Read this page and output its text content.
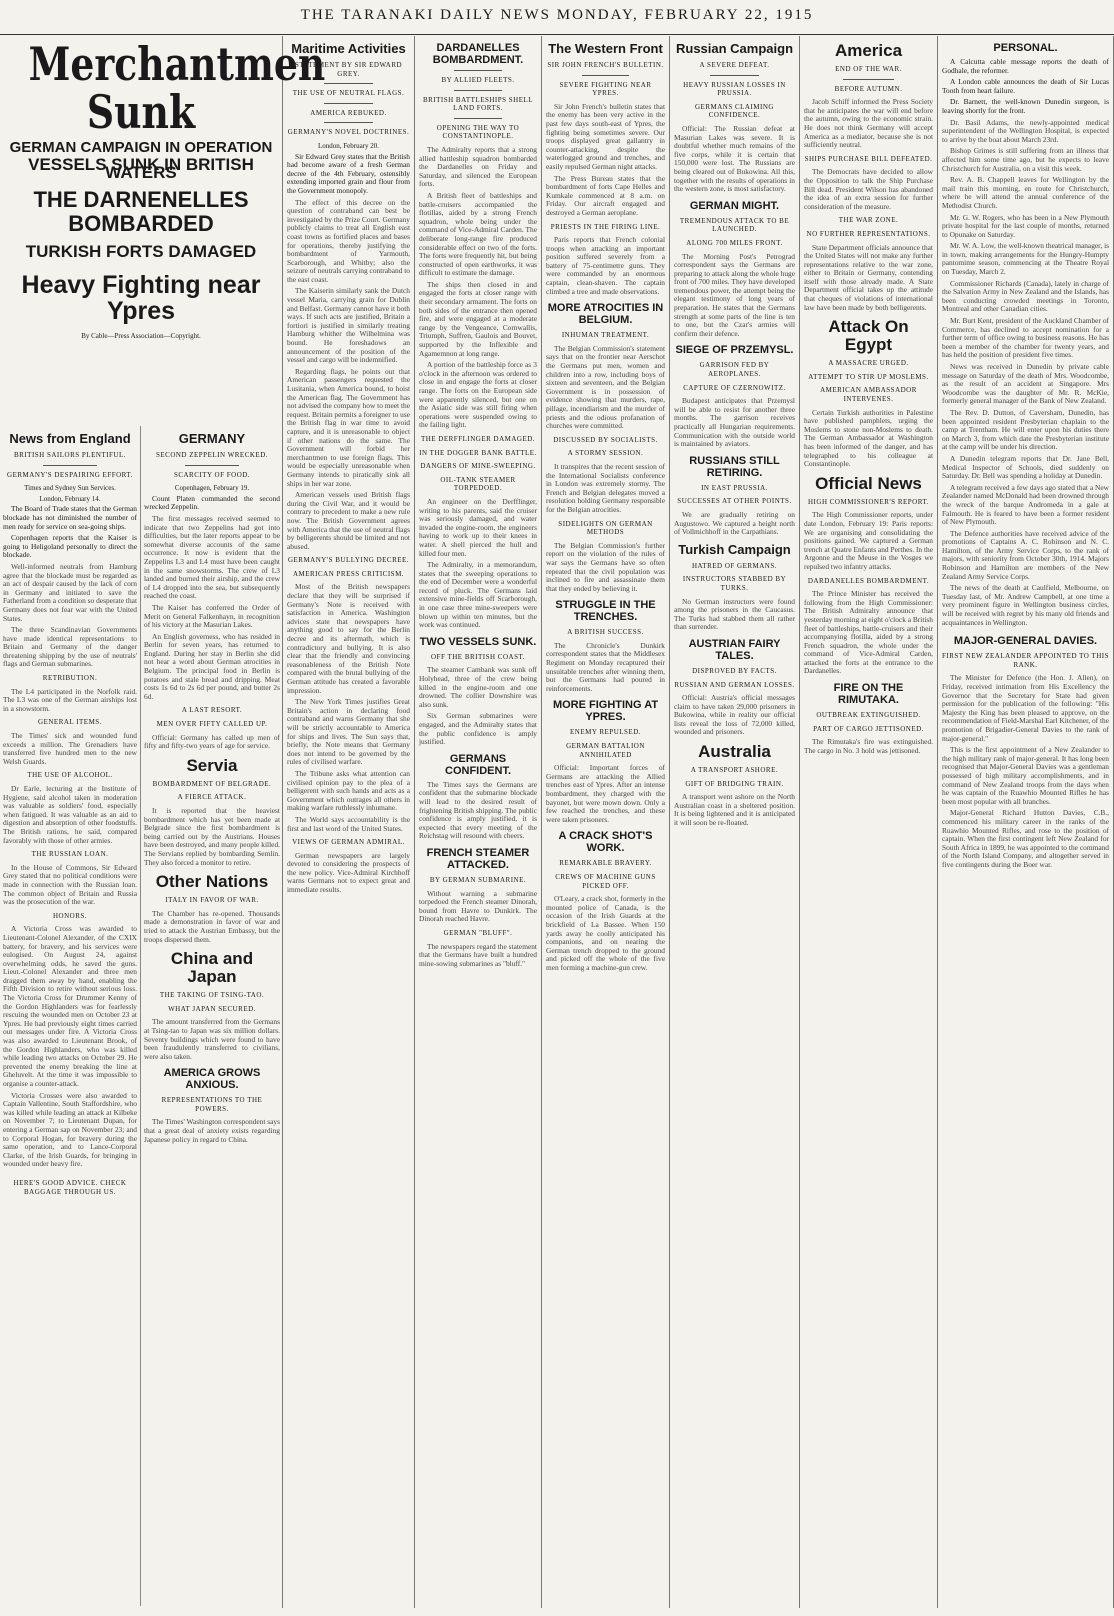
THE TARANAKI DAILY NEWS MONDAY, FEBRUARY 22, 1915
Merchantmen Sunk
GERMAN CAMPAIGN IN OPERATION
VESSELS SUNK IN BRITISH WATERS
THE DARNENELLES BOMBARDED
TURKISH FORTS DAMAGED
Heavy Fighting near Ypres
By Cable—Press Association—Copyright.
News from England
BRITISH SAILORS PLENTIFUL.
GERMANY'S DESPAIRING EFFORT.
Times and Sydney Sun Services.
London, February 14.

The Board of Trade states that the German blockade has not diminished the number of men ready for service on sea-going ships.

Copenhagen reports that the Kaiser is going to Heligoland personally to direct the blockade.

Well-informed neutrals from Hamburg agree that the blockade must be regarded as an act of despair caused by the lack of corn in Germany and initiated to save the Fatherland from a condition so desperate that Germany does not fear war with the United States.

The three Scandinavian Governments have made identical representations to Britain and Germany of the danger threatening shipping by the use of neutrals' flags and German submarines.

RETRIBUTION.

The L4 participated in the Norfolk raid. The L3 was one of the German airships lost in a snowstorm.

GENERAL ITEMS.

The Times' sick and wounded fund exceeds a million. The Grenadiers have transferred five hundred men to the new Welsh Guards.

THE USE OF ALCOHOL.

Dr Earle, lecturing at the Institute of Hygiene, said alcohol taken in moderation was valuable as soldiers' food, especially when fatigued. It was valuable as an aid to digestion and absorption of other foodstuffs. The British rations, he said, compared favorably with those of other armies.

THE RUSSIAN LOAN.

In the House of Commons, Sir Edward Grey stated that no political conditions were made in connection with the Russian loan. The common object of Britain and Russia was the prosecution of the war.

HONORS.

A Victoria Cross was awarded to Lieutenant-Colonel Alexander, of the CXIX battery, for bravery, and his services were eulogised. On August 24, against overwhelming odds, he saved the guns. Lieut.-Colonel Alexander and three men dragged them away by hand, enabling the Fifth Division to retire without serious loss. The Victoria Cross for Drummer Kenny of the Gordon Highlanders was for fearlessly rescuing the wounded men on October 23 at Ypres. He had previously eight times carried out messages under fire. A Victoria Cross was also awarded to Lieutenant Brook, of the Gordon Highlanders, who was killed while leading two attacks on October 29. He prevented the enemy breaking the line at Gheluvelt. At the time it was impossible to organise a counter-attack.

Victoria Crosses were also awarded to Captain Vallentine, South Staffordshire, who was killed while leading an attack at Kilbeke on November 7; to Lieutenant Dupan, for entering a German sap on November 23; and to Corporal Hogan, for bravery during the same operation, and to Lance-Corporal Clarke, of the Irish Guards, for bringing in wounded under heavy fire.

HERE'S GOOD ADVICE. CHECK BAGGAGE THROUGH US.
GERMANY
SECOND ZEPPELIN WRECKED.
SCARCITY OF FOOD.
Copenhagen, February 19.

Count Platen commanded the second wrecked Zeppelin.

The first messages received seemed to indicate that two Zeppelins had got into difficulties, but the later reports appear to be somewhat diverse accounts of the same occurrence. It now is evident that the Zeppelins L3 and L4 must have been caught in the same snowstorms. The crew of L3 landed and burned their airship, and the crew of L4 dropped into the sea, but subsequently reached the coast.

The Kaiser has conferred the Order of Merit on General Falkenhayn, in recognition of his victory at the Masurian Lakes.

An English governess, who has resided in Berlin for seven years, has returned to England. During her stay in Berlin she did not hear a word about German atrocities in Belgium. The principal food in Berlin is potatoes and stale bread and dripping. Meat costs 1s 6d to 2s 6d per pound, and butter 2s 6d.

A LAST RESORT.
MEN OVER FIFTY CALLED UP.

Official: Germany has called up men of fifty and fifty-two years of age for service.

Servia
BOMBARDMENT OF BELGRADE.
A FIERCE ATTACK.

It is reported that the heaviest bombardment which has yet been made at Belgrade since the first bombardment is being carried out by the Austrians. Houses have been destroyed, and many people killed. The Servians replied by bombarding Semlin. They also forced a monitor to retire.

Other Nations
ITALY IN FAVOR OF WAR.

The Chamber has re-opened. Thousands made a demonstration in favor of war and tried to attack the Austrian Embassy, but the troops dispersed them.

China and Japan
THE TAKING OF TSING-TAO.
WHAT JAPAN SECURED.

The amount transferred from the Germans at Tsing-tao to Japan was six million dollars. Seventy buildings which were found to have been fraudulently transferred to civilians, were also taken.

AMERICA GROWS ANXIOUS.
REPRESENTATIONS TO THE POWERS.

The Times' Washington correspondent says that a great deal of anxiety exists regarding Japanese policy in regard to China.

Maritime Activities
STATEMENT BY SIR EDWARD GREY.
THE USE OF NEUTRAL FLAGS.
AMERICA REBUKED.
GERMANY'S NOVEL DOCTRINES.
London, February 20.

Sir Edward Grey states that the British had become aware of a fresh German decree of the 4th February, ostensibly extending imported grain and flour from the Government monopoly.

The effect of this decree on the question of contraband can best be investigated by the Prize Court. Germany publicly claims to treat all English east coast towns as fortified places and bases for operations, thereby justifying the bombardment of Yarmouth, Scarborough, and Whitby; also the seizure of neutrals carrying contraband to the east coast.

The Kaiserin similarly sank the Dutch vessel Maria, carrying grain for Dublin and Belfast. Germany cannot have it both ways. If such acts are justified, Britain a fortiori is justified in similarly treating Hamburg whither the Wilhelmina was bound. He foreshadows an announcement of the position of the vessel and cargo will be indemnified.

Regarding flags, he points out that American passengers requested the Lusitania, when America bound, to hoist the American flag. The Government has not advised the company how to meet the request. Britain permits a foreigner to use the British flag in war time to avoid capture, and it is unreasonable to object if other nations do the same. The Government will forbid her merchantmen to use foreign flags. This would be especially unreasonable when Germany intends to piratically sink all ships in her war zone.

American vessels used British flags during the Civil War, and it would be contrary to precedent to make a new rule now. The British Government agrees with America that the use of neutral flags by belligerents should be limited and not abused.

GERMANY'S BULLYING DECREE.
AMERICAN PRESS CRITICISM.

Most of the British newspapers declare that they will be surprised if Germany's Note is received with satisfaction in America. Washington advices state that newspapers have anything good to say for the Berlin decree and its aftermath, which is contradictory and bullying. It is also clear that the friendly and convincing reasonableness of the British Note compared with the brutal bullying of the German attitude has created a favorable impression.

The New York Times justifies Great Britain's action in declaring food contraband and warns Germany that she will be strictly accountable to America for ships and lives. The Sun says that, briefly, the Note means that Germany does not intend to be governed by the rules of civilised warfare.

The Tribune asks what attention can civilised opinion pay to the plea of a belligerent with such hands and acts as a Government which outrages all others in making warfare ruthlessly inhumane.

The World says accountability is the first and last word of the United States.

VIEWS OF GERMAN ADMIRAL.

German newspapers are largely devoted to considering the prospects of the new policy. Vice-Admiral Kirchhoff warns Germans not to expect great and immediate results.

DARDANELLES BOMBARDMENT.
BY ALLIED FLEETS.
BRITISH BATTLESHIPS SHELL LAND FORTS.
OPENING THE WAY TO CONSTANTINOPLE.

The Admiralty reports that a strong allied battleship squadron bombarded the Dardanelles on Friday and Saturday, and silenced the European forts.

A British fleet of battleships and battle-cruisers accompanied the flotillas, aided by a strong French squadron, whole being under the command of Vice-Admiral Carden. The deliberate long-range fire produced considerable effect on two of the forts. The forts were frequently hit, but being constructed of open earthworks, it was difficult to estimate the damage.

The ships then closed in and engaged the forts at closer range with their secondary armament. The forts on both sides of the entrance then opened fire, and were engaged at a moderate range by the Vengeance, Cornwallis, Triumph, Suffren, Gaulois and Bouvet, supported by the Inflexible and Agamemnon at long range.

A portion of the battleship force as 3 o'clock in the afternoon was ordered to close in and engage the forts at closer range. The forts on the European side were apparently silenced, but one on the Asiatic side was still firing when operations were suspended owing to the failing light.

THE DERFFLINGER DAMAGED.
IN THE DOGGER BANK BATTLE.
DANGERS OF MINE-SWEEPING.
OIL-TANK STEAMER TORPEDOED.

An engineer on the Derfflinger, writing to his parents, said the cruiser was seriously damaged, and water invaded the engine-room, the engineers having to work up to their knees in water. A shell pierced the hull and killed four men.

The Admiralty, in a memorandum, states that the sweeping operations to the end of December were a wonderful record of pluck. The Germans laid extensive mine-fields off Scarborough, in one case three mine-sweepers were blown up within ten minutes, but the work was continued.

TWO VESSELS SUNK.
OFF THE BRITISH COAST.

The steamer Cambank was sunk off Holyhead, three of the crew being killed in the engine-room and one drowned. The collier Downshire was also sunk.

Six German submarines were engaged, and the Admiralty states that the public confidence is amply justified.

GERMANS CONFIDENT.

The Times says the Germans are confident that the submarine blockade will lead to the desired result of frightening British shipping. The public confidence is amply justified, it is expected that every meeting of the Reichstag will resound with cheers.

FRENCH STEAMER ATTACKED.
BY GERMAN SUBMARINE.

Without warning a submarine torpedoed the French steamer Dinorah, bound from Havre to Dunkirk. The Dinorah reached Havre.

GERMAN "BLUFF".

The newspapers regard the statement that the Germans have built a hundred mine-sowing submarines as "bluff."

The Western Front
SIR JOHN FRENCH'S BULLETIN.
SEVERE FIGHTING NEAR YPRES.

Sir John French's bulletin states that the enemy has been very active in the past few days south-east of Ypres, the fighting being sometimes severe. Our troops displayed great gallantry in counter-attacking, despite the waterlogged ground and trenches, and easily repulsed German night attacks.

The Press Bureau states that the bombardment of forts Cape Helles and Kumkale commenced at 8 a.m. on Friday. Our aircraft engaged and destroyed a German aeroplane.

PRIESTS IN THE FIRING LINE.

Paris reports that French colonial troops when attacking an important position suffered severely from a battery of 75-centimetre guns. They were commanded by an enormous captain, clean-shaven. The captain climbed a tree and made observations.

MORE ATROCITIES IN BELGIUM.
INHUMAN TREATMENT.

The Belgian Commission's statement says that on the frontier near Aerschot the Germans put men, women and children into a row, including boys of sixteen and seventeen, and the Belgian Government is in possession of evidence showing that murders, rape, pillage, incendiarism and the murder of priests and the odious profanation of churches were committed.

DISCUSSED BY SOCIALISTS.
A STORMY SESSION.

It transpires that the recent session of the International Socialists conference in London was extremely stormy. The French and Belgian delegates moved a resolution holding Germany responsible for the Belgian atrocities.

SIDELIGHTS ON GERMAN METHODS

The Belgian Commission's further report on the violation of the rules of war says the Germans have so often repeated that the civil population was inclined to fire and assassinate them that they ended by believing it.

STRUGGLE IN THE TRENCHES.
A BRITISH SUCCESS.

The Chronicle's Dunkirk correspondent states that the Middlesex Regiment on Monday recaptured their unsuitable trenches after winning them, but the Germans had poured in reinforcements.

MORE FIGHTING AT YPRES.
ENEMY REPULSED.
GERMAN BATTALION ANNIHILATED

Official: Important forces of Germans are attacking the Allied trenches east of Ypres. After an intense bombardment, they charged with the bayonet, but were mown down. Only a few reached the trenches, and these were taken prisoners.

A CRACK SHOT'S WORK.
REMARKABLE BRAVERY.
CREWS OF MACHINE GUNS PICKED OFF.

O'Leary, a crack shot, formerly in the mounted police of Canada, is the occasion of the Irish Guards at the brickfield of La Bassee. When 150 yards away he coolly anticipated his companions, and on nearing the German trench dropped to the ground and picked off the whole of the five men forming a machine-gun crew.

Russian Campaign
A SEVERE DEFEAT.
HEAVY RUSSIAN LOSSES IN PRUSSIA.
GERMANS CLAIMING CONFIDENCE.

Official: The Russian defeat at Masurian Lakes was severe. It is doubtful whether much remains of the five corps, while it is certain that 150,000 were lost. The Russians are being cleared out of Bukowina. All this, together with the results of operations in the western zone, is most satisfactory.

GERMAN MIGHT.
TREMENDOUS ATTACK TO BE LAUNCHED.
ALONG 700 MILES FRONT.

The Morning Post's Petrograd correspondent says the Germans are preparing to attack along the whole huge front of 700 miles. They have developed tremendous power, the attempt being the elegant testimony of long years of preparation. He states that the Germans strength at some parts of the line is ten to one, but the Czar's armies will confirm their defence.

SIEGE OF PRZEMYSL.
GARRISON FED BY AEROPLANES.
CAPTURE OF CZERNOWITZ.

Budapest anticipates that Przemysl will be able to resist for another three months. The garrison receives practically all Hungarian requirements. Communication with the outside world is maintained by aviators.

RUSSIANS STILL RETIRING.
IN EAST PRUSSIA.
SUCCESSES AT OTHER POINTS.

We are gradually retiring on Augustowo. We captured a height north of Vollmichhoff in the Carpathians.

Turkish Campaign
HATRED OF GERMANS.
INSTRUCTORS STABBED BY TURKS.

No German instructors were found among the prisoners in the Caucasus. The Turks had stabbed them all rather than surrender.

AUSTRIAN FAIRY TALES.
DISPROVED BY FACTS.
RUSSIAN AND GERMAN LOSSES.

Official: Austria's official messages claim to have taken 29,000 prisoners in Bukowina, while in reality our official lists reveal the loss of 72,000 killed, wounded and prisoners.

Australia
A TRANSPORT ASHORE.
GIFT OF BRIDGING TRAIN.

A transport went ashore on the North Australian coast in a sheltered position. It is being lightened and it is anticipated it will soon be re-floated.

America
END OF THE WAR.
BEFORE AUTUMN.

Jacob Schiff informed the Press Society that he anticipates the war will end before the autumn, owing to the economic strain. He does not think Germany will accept America as a mediator, because she is not sufficiently neutral.

SHIPS PURCHASE BILL DEFEATED.

The Democrats have decided to allow the Opposition to talk the Ship Purchase Bill dead. President Wilson has abandoned the idea of an extra session for further consideration of the measure.

THE WAR ZONE.
NO FURTHER REPRESENTATIONS.

State Department officials announce that the United States will not make any further representations relative to the war zone, either to Britain or Germany, contending itself with those already made. A State Department official takes up the attitude that cheques of violations of international law have been made by both belligerents.

Attack On Egypt
A MASSACRE URGED.
ATTEMPT TO STIR UP MOSLEMS.
AMERICAN AMBASSADOR INTERVENES.

Certain Turkish authorities in Palestine have published pamphlets, urging the Moslems to stone non-Moslems to death. The German Ambassador at Washington has been informed of the danger, and has telegraphed to his colleague at Constantinople.

Official News
HIGH COMMISSIONER'S REPORT.

The High Commissioner reports, under date London, February 19: Paris reports: We are organising and consolidating the positions gained. We captured a German trench at Quatre Enfants and Perthes. In the Argonne and the Meuse in the Vosges we repulsed two infantry attacks.

DARDANELLES BOMBARDMENT.

The Prince Minister has received the following from the High Commissioner: The British Admiralty announce that yesterday morning at eight o'clock a British fleet of battleships, battle-cruisers and their accompanying flotilla, aided by a strong French squadron, the whole under the command of Vice-Admiral Carden, attacked the forts at the entrance to the Dardanelles.

FIRE ON THE RIMUTAKA.
OUTBREAK EXTINGUISHED.
PART OF CARGO JETTISONED.

The Rimutaka's fire was extinguished. The cargo in No. 3 hold was jettisoned.

PERSONAL.

A Calcutta cable message reports the death of Godhale, the reformer.

A London cable announces the death of Sir Lucas Tooth from heart failure.

Dr. Barnett, the well-known Dunedin surgeon, is leaving shortly for the front.

Dr. Basil Adams, the newly-appointed medical superintendent of the Wellington Hospital, is expected to arrive by the boat about March 23rd.

Bishop Grimes is still suffering from an illness that affected him some time ago, but he expects to leave Christchurch for Australia, on a visit this week.

Rev. A. B. Chappell leaves for Wellington by the mail train this morning, en route for Christchurch, where he will attend the annual conference of the Methodist Church.

Mr. G. W. Rogers, who has been in a New Plymouth private hospital for the last couple of months, returned to Opunake on Saturday.

Mr. W. A. Low, the well-known theatrical manager, is in town, making arrangements for the Hungry-Humpty pantomime season, commencing at the Theatre Royal on Tuesday, March 2.

Commissioner Richards (Canada), lately in charge of the Salvation Army in New Zealand and the Islands, has been conducting crowded meetings in Toronto, Montreal and other Canadian cities.

Mr. Burt Kent, president of the Auckland Chamber of Commerce, has declined to accept nomination for a further term of office owing to business reasons. He has been a member of the chamber for twenty years, and has held the position of president five times.

News was received in Dunedin by private cable message on Saturday of the death of Mrs. Woodcombe, as the result of an accident at Singapore. Mrs Woodcombe was the daughter of Mr. R. McKie, formerly general manager of the Bank of New Zealand.

The Rev. D. Dutton, of Caversham, Dunedin, has been appointed resident Presbyterian chaplain to the camp at Trentham. He will enter upon his duties there on March 3, from which date the Presbyterian institute at the camp will be under his direction.

A Dunedin telegram reports that Dr. Jane Bell, Medical Inspector of Schools, died suddenly on Saturday. Dr. Bell was spending a holiday at Dunedin.

A telegram received a few days ago stated that a New Zealander named McDonald had been drowned through the wreck of the barque Andromeda in a gale at Falmouth. He is feared to have been a former resident of New Plymouth.

The Defence authorities have received advice of the promotions of Captains A. C. Robinson and N. C. Hamilton, of the Army Service Corps, to the rank of majors, with seniority from October 30th, 1914. Majors Robinson and Hamilton are members of the New Zealand Army Service Corps.

The news of the death at Caulfield, Melbourne, on Tuesday last, of Mr. Andrew Campbell, at one time a very prominent figure in Wellington business circles, will be received with regret by his many old friends and acquaintances in Wellington.

MAJOR-GENERAL DAVIES.
FIRST NEW ZEALANDER APPOINTED TO THIS RANK.

The Minister for Defence (the Hon. J. Allen), on Friday, received intimation from His Excellency the Governor that the Secretary for State had given permission for the publication of the following: "His Majesty the King has been pleased to approve, on the recommendation of Field-Marshal Earl Kitchener, of the promotion of Brigadier-General Davies to the rank of major-general."

This is the first appointment of a New Zealander to the high military rank of major-general. It has long been recognised that Major-General Davies was a gentleman possessed of high military accomplishments, and in command of New Zealand troops from the days when he was captain of the Ruawhio Mounted Rifles he has been most popular with all branches.

Major-General Richard Hutton Davies, C.B., commenced his military career in the ranks of the Ruawhio Mounted Rifles, and rose to the position of captain. When the first contingent left New Zealand for South Africa in 1899, he was appointed to the command of the North Island Company, and altogether served in five contingents during the Boer war.
